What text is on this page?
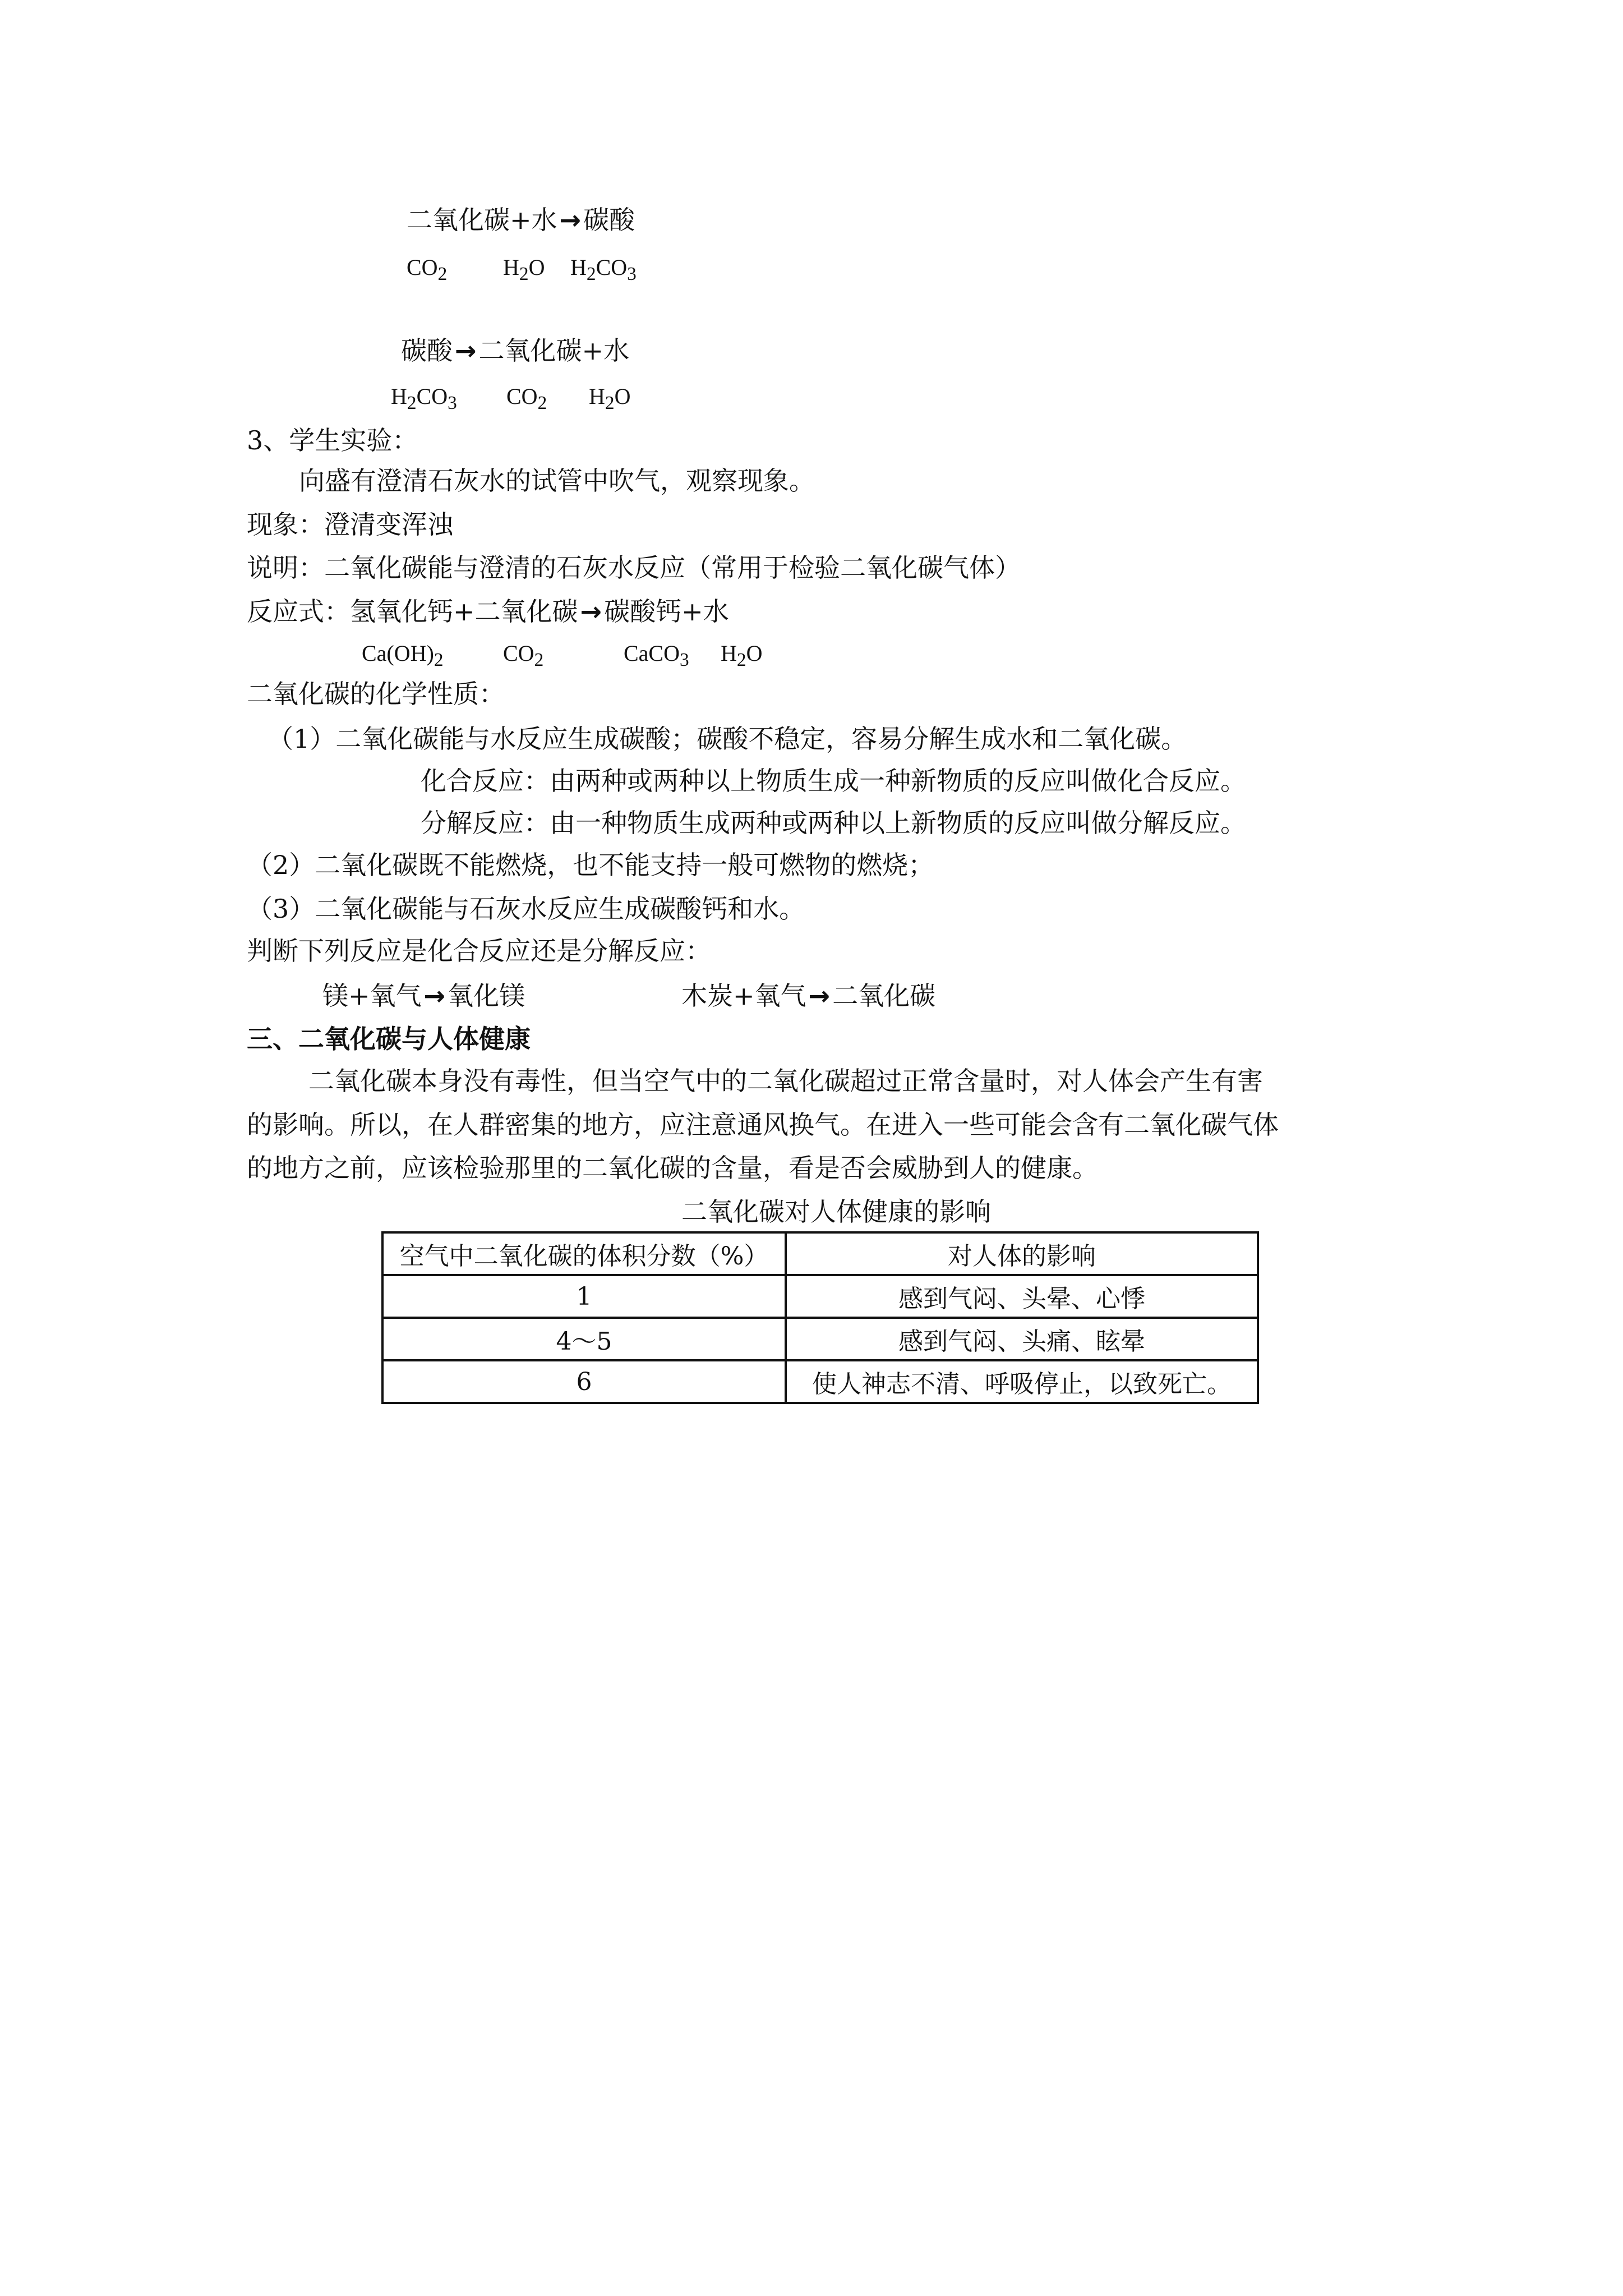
二氧化碳+水→碳酸
$CO_2$ $H_2O$ $H_2CO_3$
碳酸→二氧化碳+水
$H_2CO_3$ $CO_2$ $H_2O$
3、学生实验：
向盛有澄清石灰水的试管中吹气，观察现象。
现象：澄清变浑浊
说明：二氧化碳能与澄清的石灰水反应（常用于检验二氧化碳气体）
反应式：氢氧化钙+二氧化碳→碳酸钙+水
$Ca(OH)_2$	$CO_2$	CaCO$_3$ $H_2O$
二氧化碳的化学性质：
（1）二氧化碳能与水反应生成碳酸；碳酸不稳定，容易分解生成水和二氧化碳。
化合反应：由两种或两种以上物质生成一种新物质的反应叫做化合反应。
分解反应：由一种物质生成两种或两种以上新物质的反应叫做分解反应。
（2）二氧化碳既不能燃烧，也不能支持一般可燃物的燃烧；
（3）二氧化碳能与石灰水反应生成碳酸钙和水。
判断下列反应是化合反应还是分解反应：
镁+氧气→氧化镁	木炭+氧气→二氧化碳
三、二氧化碳与人体健康
二氧化碳本身没有毒性，但当空气中的二氧化碳超过正常含量时，对人体会产生有害
的影响。所以，在人群密集的地方，应注意通风换气。在进入一些可能会含有二氧化碳气体
的地方之前，应该检验那里的二氧化碳的含量，看是否会威胁到人的健康。
二氧化碳对人体健康的影响
空气中二氧化碳的体积分数（%）	对人体的影响
1	感到气闷、头晕、心悸
4～5	感到气闷、头痛、眩晕
6	使人神志不清、呼吸停止，以致死亡。
